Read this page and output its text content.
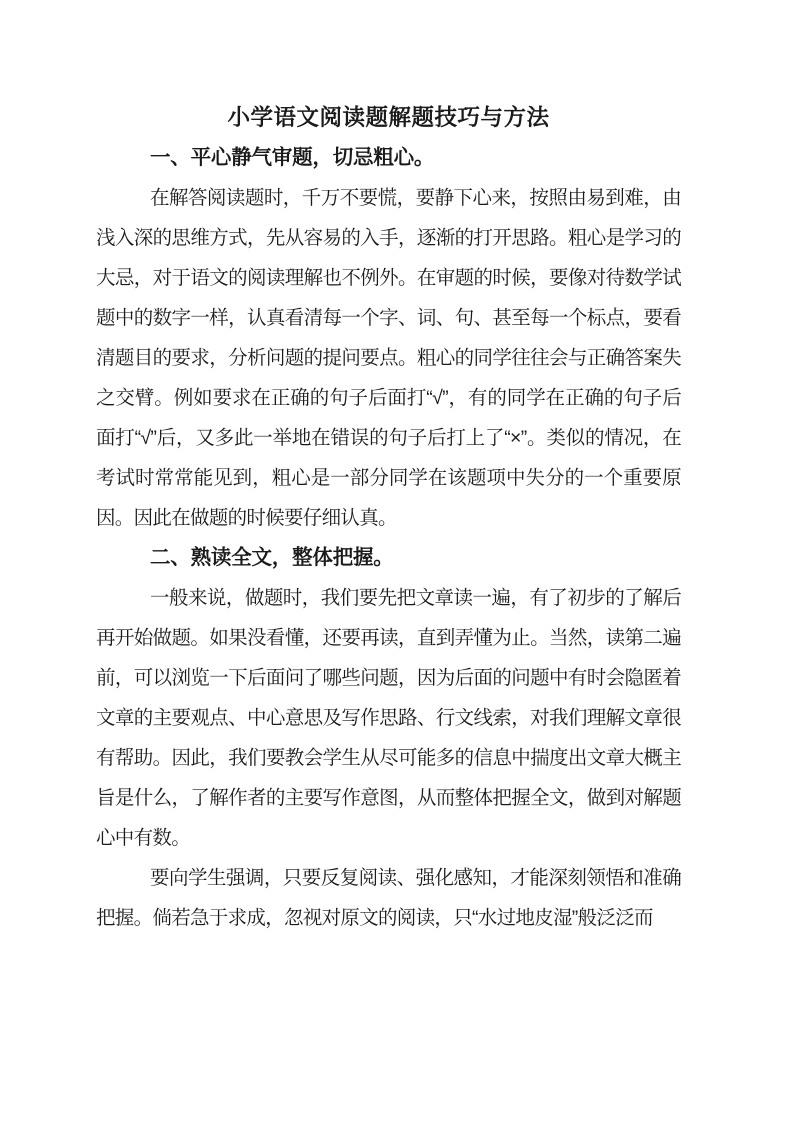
小学语文阅读题解题技巧与方法
一、平心静气审题，切忌粗心。

在解答阅读题时，千万不要慌，要静下心来，按照由易到难，由浅入深的思维方式，先从容易的入手，逐渐的打开思路。粗心是学习的大忌，对于语文的阅读理解也不例外。在审题的时候，要像对待数学试题中的数字一样，认真看清每一个字、词、句、甚至每一个标点，要看清题目的要求，分析问题的提问要点。粗心的同学往往会与正确答案失之交臂。例如要求在正确的句子后面打“√”，有的同学在正确的句子后面打“√”后，又多此一举地在错误的句子后打上了“×”。类似的情况，在考试时常常能见到，粗心是一部分同学在该题项中失分的一个重要原因。因此在做题的时候要仔细认真。

二、熟读全文，整体把握。

一般来说，做题时，我们要先把文章读一遍，有了初步的了解后再开始做题。如果没看懂，还要再读，直到弄懂为止。当然，读第二遍前，可以浏览一下后面问了哪些问题，因为后面的问题中有时会隐匿着文章的主要观点、中心意思及写作思路、行文线索，对我们理解文章很有帮助。因此，我们要教会学生从尽可能多的信息中揣度出文章大概主旨是什么，了解作者的主要写作意图，从而整体把握全文，做到对解题心中有数。

要向学生强调，只要反复阅读、强化感知，才能深刻领悟和准确把握。倘若急于求成，忽视对原文的阅读，只“水过地皮湿”般泛泛而
